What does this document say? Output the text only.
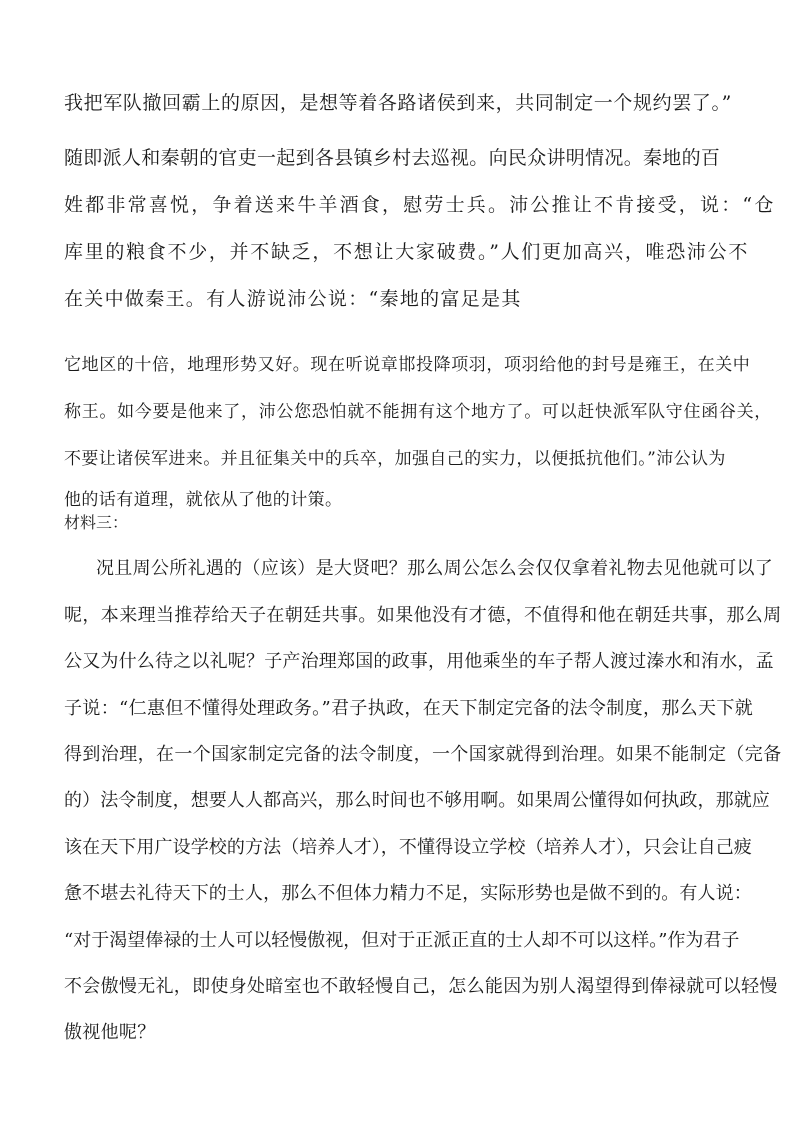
我把军队撤回霸上的原因，是想等着各路诸侯到来，共同制定一个规约罢了。”
随即派人和秦朝的官吏一起到各县镇乡村去巡视。向民众讲明情况。秦地的百
姓都非常喜悦，争着送来牛羊酒食，慰劳士兵。沛公推让不肯接受，说：“仓
库里的粮食不少，并不缺乏，不想让大家破费。”人们更加高兴，唯恐沛公不
在关中做秦王。有人游说沛公说：“秦地的富足是其
它地区的十倍，地理形势又好。现在听说章邯投降项羽，项羽给他的封号是雍王，在关中
称王。如今要是他来了，沛公您恐怕就不能拥有这个地方了。可以赶快派军队守住函谷关，
不要让诸侯军进来。并且征集关中的兵卒，加强自己的实力，以便抵抗他们。”沛公认为
他的话有道理，就依从了他的计策。
材料三：
况且周公所礼遇的（应该）是大贤吧？那么周公怎么会仅仅拿着礼物去见他就可以了
呢，本来理当推荐给天子在朝廷共事。如果他没有才德，不值得和他在朝廷共事，那么周
公又为什么待之以礼呢？子产治理郑国的政事，用他乘坐的车子帮人渡过溱水和洧水，孟
子说：“仁惠但不懂得处理政务。”君子执政，在天下制定完备的法令制度，那么天下就
得到治理，在一个国家制定完备的法令制度，一个国家就得到治理。如果不能制定（完备
的）法令制度，想要人人都高兴，那么时间也不够用啊。如果周公懂得如何执政，那就应
该在天下用广设学校的方法（培养人才），不懂得设立学校（培养人才），只会让自己疲
惫不堪去礼待天下的士人，那么不但体力精力不足，实际形势也是做不到的。有人说：
“对于渴望俸禄的士人可以轻慢傲视，但对于正派正直的士人却不可以这样。”作为君子
不会傲慢无礼，即使身处暗室也不敢轻慢自己，怎么能因为别人渴望得到俸禄就可以轻慢
傲视他呢？
